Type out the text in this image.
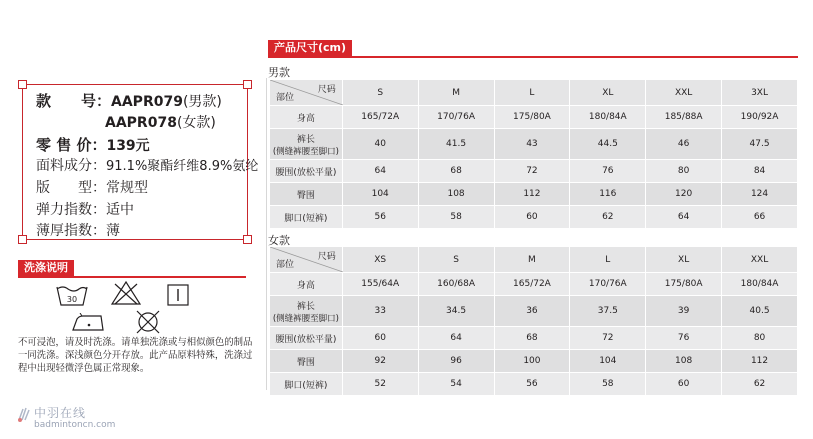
款　　号：AAPR079(男款)
AAPR078(女款)
零 售 价：139元
面料成分：91.1%聚酯纤维8.9%氨纶
版　　型：常规型
弹力指数：适中
薄厚指数：薄
洗涤说明
30
不可浸泡，请及时洗涤。请单独洗涤或与相似颜色的制品一同洗涤。深浅颜色分开存放。此产品原料特殊，洗涤过程中出现轻微浮色属正常现象。
中羽在线
badmintoncn.com
产品尺寸(cm)
男款
女款
尺码
部位	S	M	L	XL	XXL	3XL

身高	165/72A	170/76A	175/80A	180/84A	185/88A	190/92A

裤长
(侧缝裤腰至脚口)	40	41.5	43	44.5	46	47.5

腰围(放松平量)	64	68	72	76	80	84

臀围	104	108	112	116	120	124

脚口(短裤)	56	58	60	62	64	66
尺码
部位	XS	S	M	L	XL	XXL

身高	155/64A	160/68A	165/72A	170/76A	175/80A	180/84A

裤长
(侧缝裤腰至脚口)	33	34.5	36	37.5	39	40.5

腰围(放松平量)	60	64	68	72	76	80

臀围	92	96	100	104	108	112

脚口(短裤)	52	54	56	58	60	62
